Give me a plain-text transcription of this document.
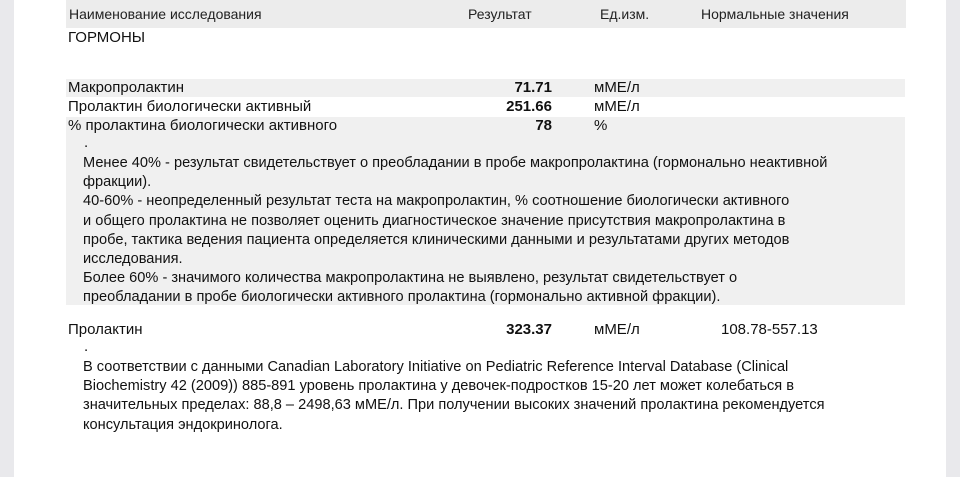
Наименование исследования	Результат	Ед.изм.	Нормальные значения
ГОРМОНЫ
Макропролактин	71.71	мМЕ/л
Пролактин биологически активный	251.66	мМЕ/л
% пролактина биологически активного	78	%
.

Менее 40% - результат свидетельствует о преобладании в пробе макропролактина (гормонально неактивной

фракции).

40-60% - неопределенный результат теста на макропролактин, % соотношение биологически активного

и общего пролактина не позволяет оценить диагностическое значение присутствия макропролактина в

пробе, тактика ведения пациента определяется клиническими данными и результатами других методов

исследования.

Более 60% - значимого количества макропролактина не выявлено, результат свидетельствует о

преобладании в пробе биологически активного пролактина (гормонально активной фракции).

Пролактин	323.37	мМЕ/л	108.78-557.13
.

В соответствии с данными Canadian Laboratory Initiative on Pediatric Reference Interval Database (Clinical

Biochemistry 42 (2009)) 885-891 уровень пролактина у девочек-подростков 15-20 лет может колебаться в

значительных пределах: 88,8 – 2498,63 мМЕ/л. При получении высоких значений пролактина рекомендуется

консультация эндокринолога.
